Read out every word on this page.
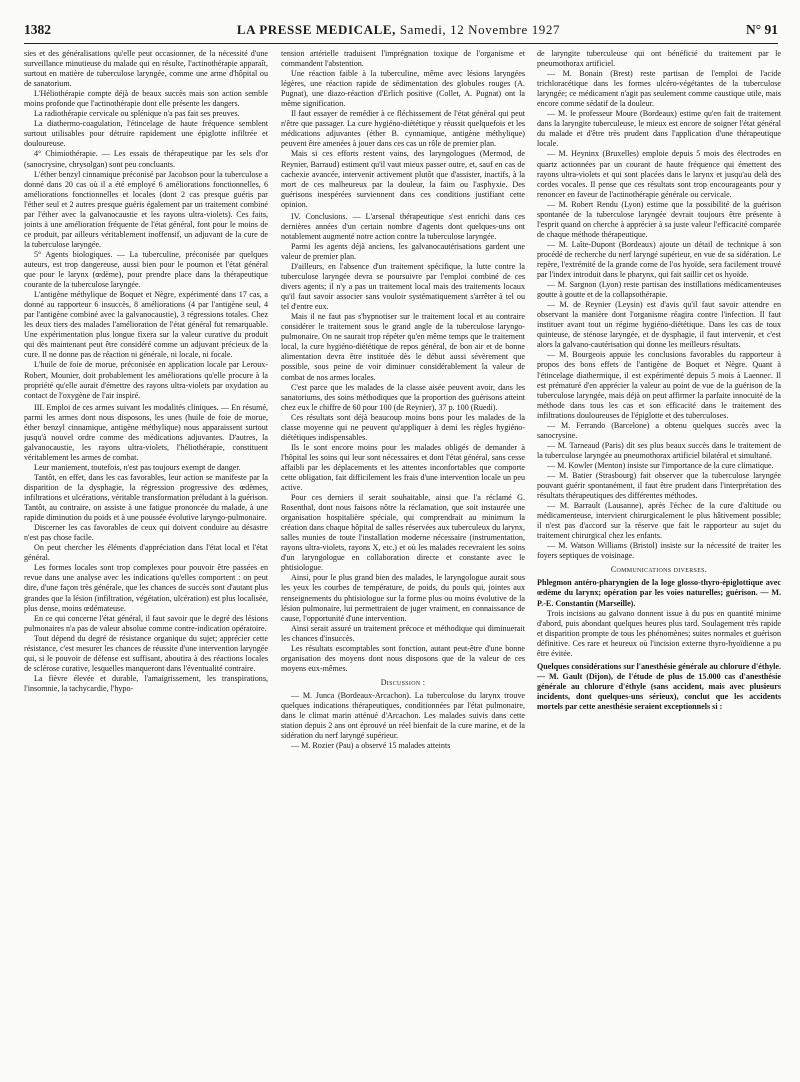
1382	LA PRESSE MEDICALE, Samedi, 12 Novembre 1927	N° 91

sies et des généralisations qu'elle peut occasionner, de la nécessité d'une surveillance minutieuse du malade qui en résulte, l'actinothérapie apparaît, surtout en matière de tuberculose laryngée, comme une arme d'hôpital ou de sanatorium.

L'Héliothérapie compte déjà de beaux succès mais son action semble moins profonde que l'actinothérapie dont elle présente les dangers.

La radiothérapie cervicale ou splénique n'a pas fait ses preuves.

La diathermo-coagulation, l'étincelage de haute fréquence semblent surtout utilisables pour détruire rapidement une épiglotte infiltrée et douloureuse.

4° Chimiothérapie. — Les essais de thérapeutique par les sels d'or (sanocrysine, chrysolgan) sont peu concluants.

L'éther benzyl cinnamique préconisé par Jacobson pour la tuberculose a donné dans 20 cas où il a été employé 6 améliorations fonctionnelles, 6 améliorations fonctionnelles et locales (dont 2 cas presque guéris par l'éther seul et 2 autres presque guéris également par un traitement combiné par l'éther avec la galvanocaustie et les rayons ultra-violets). Ces faits, joints à une amélioration fréquente de l'état général, font pour le moins de ce produit, par ailleurs véritablement inoffensif, un adjuvant de la cure de la tuberculose laryngée.

5° Agents biologiques. — La tuberculine, préconisée par quelques auteurs, est trop dangereuse, aussi bien pour le poumon et l'état général que pour le larynx (œdème), pour prendre place dans la thérapeutique courante de la tuberculose laryngée.

L'antigène méthylique de Boquet et Nègre, expérimenté dans 17 cas, a donné au rapporteur 6 insuccès, 8 améliorations (4 par l'antigène seul, 4 par l'antigène combiné avec la galvanocaustie), 3 régressions totales. Chez les deux tiers des malades l'amélioration de l'état général fut remarquable. Une expérimentation plus longue fixera sur la valeur curative du produit qui dès maintenant peut être considéré comme un adjuvant précieux de la cure. Il ne donne pas de réaction ni générale, ni locale, ni focale.

L'huile de foie de morue, préconisée en application locale par Leroux-Robert, Mounier, doit probablement les améliorations qu'elle procure à la propriété qu'elle aurait d'émettre des rayons ultra-violets par oxydation au contact de l'oxygène de l'air inspiré.

III. Emploi de ces armes suivant les modalités cliniques. — En résumé, parmi les armes dont nous disposons, les unes (huile de foie de morue, éther benzyl cinnamique, antigène méthylique) nous apparaissent surtout jusqu'à nouvel ordre comme des médications adjuvantes. D'autres, la galvanocaustie, les rayons ultra-violets, l'héliothérapie, constituent véritablement les armes de combat.

Leur maniement, toutefois, n'est pas toujours exempt de danger.

Tantôt, en effet, dans les cas favorables, leur action se manifeste par la disparition de la dysphagie, la régression progressive des œdèmes, infiltrations et ulcérations, véritable transformation préludant à la guérison. Tantôt, au contraire, on assiste à une fatigue prononcée du malade, à une rapide diminution du poids et à une poussée évolutive laryngo-pulmonaire.

Discerner les cas favorables de ceux qui doivent conduire au désastre n'est pas chose facile.

On peut chercher les éléments d'appréciation dans l'état local et l'état général.

Les formes locales sont trop complexes pour pouvoir être passées en revue dans une analyse avec les indications qu'elles comportent : on peut dire, d'une façon très générale, que les chances de succès sont d'autant plus grandes que la lésion (infiltration, végétation, ulcération) est plus localisée, plus dense, moins œdémateuse.

En ce qui concerne l'état général, il faut savoir que le degré des lésions pulmonaires n'a pas de valeur absolue comme contre-indication opératoire.

Tout dépend du degré de résistance organique du sujet; apprécier cette résistance, c'est mesurer les chances de réussite d'une intervention laryngée qui, si le pouvoir de défense est suffisant, aboutira à des réactions locales de sclérose curative, lesquelles manqueront dans l'éventualité contraire.

La fièvre élevée et durable, l'amaigrissement, les transpirations, l'insomnie, la tachycardie, l'hypo-

tension artérielle traduisent l'imprégnation toxique de l'organisme et commandent l'abstention.

Une réaction faible à la tuberculine, même avec lésions laryngées légères, une réaction rapide de sédimentation des globules rouges (A. Pugnat), une diazo-réaction d'Erlich positive (Collet, A. Pugnat) ont la même signification.

Il faut essayer de remédier à ce fléchissement de l'état général qui peut n'être que passager. La cure hygiéno-diététique y réussit quelquefois et les médications adjuvantes (éther B. cynnamique, antigène méthylique) peuvent être amenées à jouer dans ces cas un rôle de premier plan.

Mais si ces efforts restent vains, des laryngologues (Mermod, de Reynier, Barraud) estiment qu'il vaut mieux passer outre, et, sauf en cas de cachexie avancée, intervenir activement plutôt que d'assister, inactifs, à la mort de ces malheureux par la douleur, la faim ou l'asphyxie. Des guérisons inespérées surviennent dans ces conditions justifiant cette opinion.

IV. Conclusions. — L'arsenal thérapeutique s'est enrichi dans ces dernières années d'un certain nombre d'agents dont quelques-uns ont notablement augmenté notre action contre la tuberculose laryngée.

Parmi les agents déjà anciens, les galvanocautérisations gardent une valeur de premier plan.

D'ailleurs, en l'absence d'un traitement spécifique, la lutte contre la tuberculose laryngée devra se poursuivre par l'emploi combiné de ces divers agents; il n'y a pas un traitement local mais des traitements locaux qu'il faut savoir associer sans vouloir systématiquement s'arrêter à tel ou tel d'entre eux.

Mais il ne faut pas s'hypnotiser sur le traitement local et au contraire considérer le traitement sous le grand angle de la tuberculose laryngo-pulmonaire. On ne saurait trop répéter qu'en même temps que le traitement local, la cure hygiéno-diététique de repos général, de bon air et de bonne alimentation devra être instituée dès le début aussi sévèrement que possible, sous peine de voir diminuer considérablement la valeur de combat de nos armes locales.

C'est parce que les malades de la classe aisée peuvent avoir, dans les sanatoriums, des soins méthodiques que la proportion des guérisons atteint chez eux le chiffre de 60 pour 100 (de Reynier), 37 p. 100 (Ruedi).

Ces résultats sont déjà beaucoup moins bons pour les malades de la classe moyenne qui ne peuvent qu'appliquer à demi les règles hygiéno-diététiques indispensables.

Ils le sont encore moins pour les malades obligés de demander à l'hôpital les soins qui leur sont nécessaires et dont l'état général, sans cesse affaibli par les déplacements et les attentes inconfortables que comporte cette obligation, fait difficilement les frais d'une intervention locale un peu active.

Pour ces derniers il serait souhaitable, ainsi que l'a réclamé G. Rosenthal, dont nous faisons nôtre la réclamation, que soit instaurée une organisation hospitalière spéciale, qui comprendrait au minimum la création dans chaque hôpital de salles réservées aux tuberculeux du larynx, salles munies de toute l'installation moderne nécessaire (instrumentation, rayons ultra-violets, rayons X, etc.) et où les malades recevraient les soins d'un laryngologue en collaboration directe et constante avec le phtisiologue.

Ainsi, pour le plus grand bien des malades, le laryngologue aurait sous les yeux les courbes de température, de poids, du pouls qui, jointes aux renseignements du phtisiologue sur la forme plus ou moins évolutive de la lésion pulmonaire, lui permettraient de juger vraiment, en connaissance de cause, l'opportunité d'une intervention.

Ainsi serait assuré un traitement précoce et méthodique qui diminuerait les chances d'insuccès.

Les résultats escomptables sont fonction, autant peut-être d'une bonne organisation des moyens dont nous disposons que de la valeur de ces moyens eux-mêmes.

Discussion :

— M. Junca (Bordeaux-Arcachon). La tuberculose du larynx trouve quelques indications thérapeutiques, conditionnées par l'état pulmonaire, dans le climat marin atténué d'Arcachon. Les malades suivis dans cette station depuis 2 ans ont éprouvé un réel bienfait de la cure marine, et de la sidération du nerf laryngé supérieur.

— M. Rozier (Pau) a observé 15 malades atteints

de laryngite tuberculeuse qui ont bénéficié du traitement par le pneumothorax artificiel.

— M. Bonain (Brest) reste partisan de l'emploi de l'acide trichloracétique dans les formes ulcéro-végétantes de la tuberculose laryngée; ce médicament n'agit pas seulement comme caustique utile, mais encore comme sédatif de la douleur.

— M. le professeur Moure (Bordeaux) estime qu'en fait de traitement dans la laryngite tuberculeuse, le mieux est encore de soigner l'état général du malade et d'être très prudent dans l'application d'une thérapeutique locale.

— M. Heyninx (Bruxelles) emploie depuis 5 mois des électrodes en quartz actionnées par un courant de haute fréquence qui émettent des rayons ultra-violets et qui sont placées dans le larynx et jusqu'au delà des cordes vocales. Il pense que ces résultats sont trop encourageants pour y renoncer en faveur de l'actinothérapie générale ou cervicale.

— M. Robert Rendu (Lyon) estime que la possibilité de la guérison spontanée de la tuberculose laryngée devrait toujours être présente à l'esprit quand on cherche à apprécier à sa juste valeur l'efficacité comparée de chaque méthode thérapeutique.

— M. Laîte-Dupont (Bordeaux) ajoute un détail de technique à son procédé de recherche du nerf laryngé supérieur, en vue de sa sidération. Le repère, l'extrémité de la grande corne de l'os hyoïde, sera facilement trouvé par l'index introduit dans le pharynx, qui fait saillir cet os hyoïde.

— M. Sargnon (Lyon) reste partisan des instillations médicamenteuses goutte à goutte et de la collapsothérapie.

— M. de Reynier (Leysin) est d'avis qu'il faut savoir attendre en observant la manière dont l'organisme réagira contre l'infection. Il faut instituer avant tout un régime hygiéno-diététique. Dans les cas de toux quinteuse, de sténose laryngée, et de dysphagie, il faut intervenir, et c'est alors la galvano-cautérisation qui donne les meilleurs résultats.

— M. Bourgeois appuie les conclusions favorables du rapporteur à propos des bons effets de l'antigène de Boquet et Nègre. Quant à l'étincelage diathermique, il est expérimenté depuis 5 mois à Laennec. Il est prématuré d'en apprécier la valeur au point de vue de la guérison de la tuberculose laryngée, mais déjà on peut affirmer la parfaite innocuité de la méthode dans tous les cas et son efficacité dans le traitement des infiltrations douloureuses de l'épiglotte et des tuberculoses.

— M. Ferrando (Barcelone) a obtenu quelques succès avec la sanocrysine.

— M. Tarneaud (Paris) dit ses plus beaux succès dans le traitement de la tuberculose laryngée au pneumothorax artificiel bilatéral et simultané.

— M. Kowler (Menton) insiste sur l'importance de la cure climatique.

— M. Batier (Strasbourg) fait observer que la tuberculose laryngée pouvant guérir spontanément, il faut être prudent dans l'interprétation des résultats thérapeutiques des différentes méthodes.

— M. Barrault (Lausanne), après l'échec de la cure d'altitude ou médicamenteuse, intervient chirurgicalement le plus hâtivement possible; il n'est pas d'accord sur la réserve que fait le rapporteur au sujet du traitement chirurgical chez les enfants.

— M. Watson Williams (Bristol) insiste sur la nécessité de traiter les foyers septiques de voisinage.

Communications diverses.

Phlegmon antéro-pharyngien de la loge glosso-thyro-épiglottique avec œdème du larynx; opération par les voies naturelles; guérison. — M. P.-E. Constantin (Marseille).

Trois incisions au galvano donnent issue à du pus en quantité minime d'abord, puis abondant quelques heures plus tard. Soulagement très rapide et disparition prompte de tous les phénomènes; suites normales et guérison définitive. Ces rare et heureux où l'incision externe thyro-hyoïdienne a pu être évitée.

Quelques considérations sur l'anesthésie générale au chlorure d'éthyle. — M. Gault (Dijon), de l'étude de plus de 15.000 cas d'anesthésie générale au chlorure d'éthyle (sans accident, mais avec plusieurs incidents, dont quelques-uns sérieux), conclut que les accidents mortels par cette anesthésie seraient exceptionnels si :
